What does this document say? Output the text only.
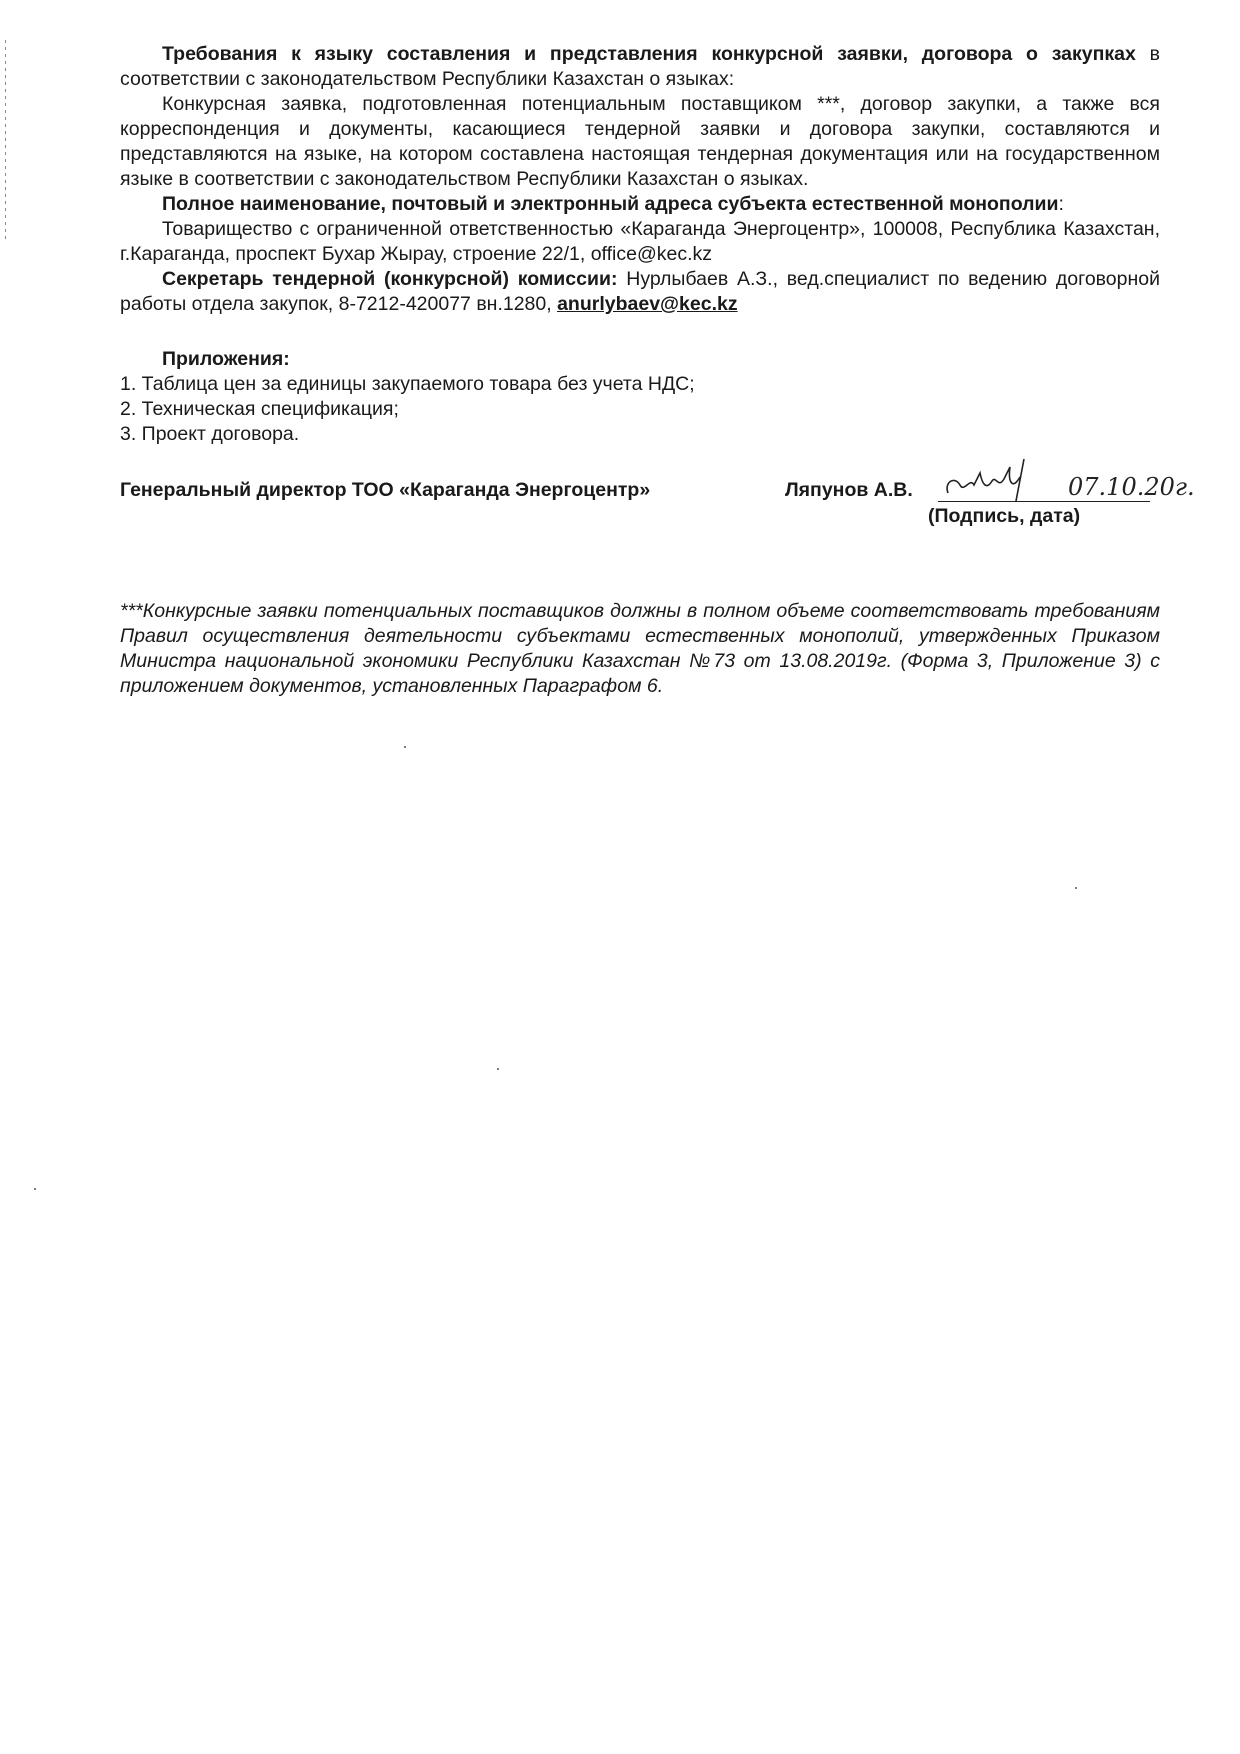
Требования к языку составления и представления конкурсной заявки, договора о закупках в соответствии с законодательством Республики Казахстан о языках:

Конкурсная заявка, подготовленная потенциальным поставщиком ***, договор закупки, а также вся корреспонденция и документы, касающиеся тендерной заявки и договора закупки, составляются и представляются на языке, на котором составлена настоящая тендерная документация или на государственном языке в соответствии с законодательством Республики Казахстан о языках.

Полное наименование, почтовый и электронный адреса субъекта естественной монополии:

Товарищество с ограниченной ответственностью «Караганда Энергоцентр», 100008, Республика Казахстан, г.Караганда, проспект Бухар Жырау, строение 22/1, office@kec.kz

Секретарь тендерной (конкурсной) комиссии: Нурлыбаев А.З., вед.специалист по ведению договорной работы отдела закупок, 8-7212-420077 вн.1280, anurlybaev@kec.kz

Приложения:

1. Таблица цен за единицы закупаемого товара без учета НДС;
2. Техническая спецификация;
3. Проект договора.
Генеральный директор ТОО «Караганда Энергоцентр»	Ляпунов А.В.	07.10.20г.
(Подпись, дата)

***Конкурсные заявки потенциальных поставщиков должны в полном объеме соответствовать требованиям Правил осуществления деятельности субъектами естественных монополий, утвержденных Приказом Министра национальной экономики Республики Казахстан №73 от 13.08.2019г. (Форма 3, Приложение 3) с приложением документов, установленных Параграфом 6.
